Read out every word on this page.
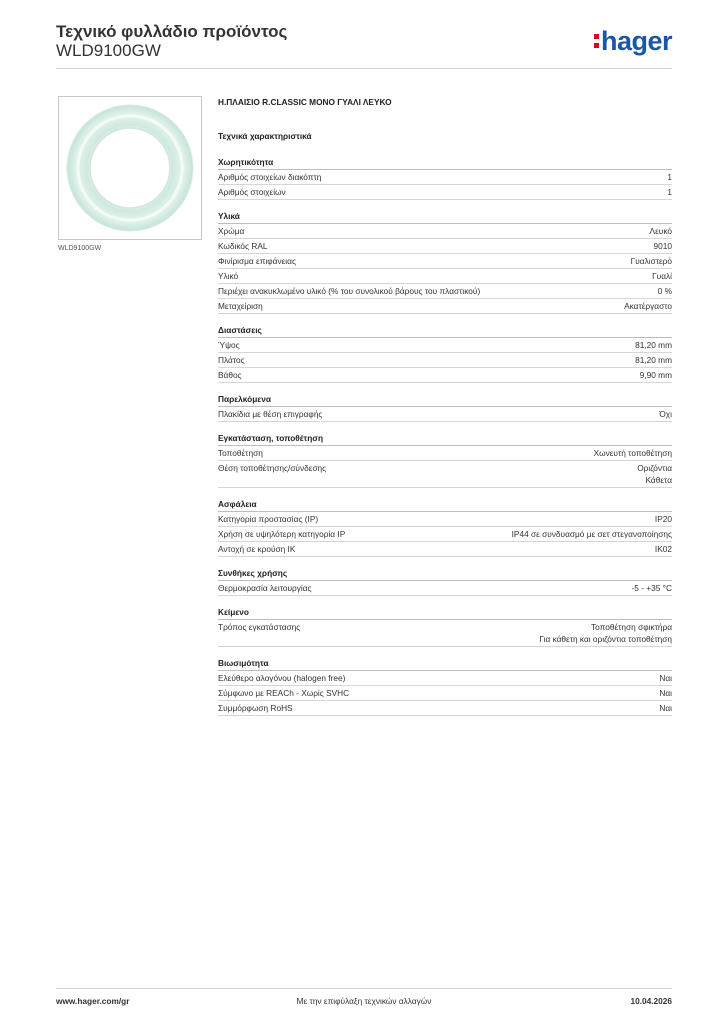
Τεχνικό φυλλάδιο προϊόντος
WLD9100GW	hager
WLD9100GW
Η.ΠΛΑΙΣΙΟ R.CLASSIC ΜΟΝΟ ΓΥΑΛΙ ΛΕΥΚΟ
Τεχνικά χαρακτηριστικά
Χωρητικότητα
Αριθμός στοιχείων διακόπτη	1
Αριθμός στοιχείων	1
Υλικά
Χρώμα	Λευκό
Κωδικός RAL	9010
Φινίρισμα επιφάνειας	Γυαλιστερό
Υλικό	Γυαλί
Περιέχει ανακυκλωμένο υλικό (% του συνολικού βάρους του πλαστικού)	0 %
Μεταχείριση	Ακατέργαστο
Διαστάσεις
Ύψος	81,20 mm
Πλάτος	81,20 mm
Βάθος	9,90 mm
Παρελκόμενα
Πλακίδια με θέση επιγραφής	Όχι
Εγκατάσταση, τοποθέτηση
Τοποθέτηση	Χωνευτή τοποθέτηση
Θέση τοποθέτησης/σύνδεσης	Οριζόντια
Κάθετα
Ασφάλεια
Κατηγορία προστασίας (IP)	IP20
Χρήση σε υψηλότερη κατηγορία IP	IP44 σε συνδυασμό με σετ στεγανοποίησης
Αντοχή σε κρούση IK	IK02
Συνθήκες χρήσης
Θερμοκρασία λειτουργίας	-5 - +35 °C
Κείμενο
Τρόπος εγκατάστασης	Τοποθέτηση σφικτήρα
Για κάθετη και οριζόντια τοποθέτηση
Βιωσιμότητα
Ελεύθερο αλογόνου (halogen free)	Ναι
Σύμφωνο με REACh - Χωρίς SVHC	Ναι
Συμμόρφωση RoHS	Ναι
www.hager.com/gr	Με την επιφύλαξη τεχνικών αλλαγών	10.04.2026
